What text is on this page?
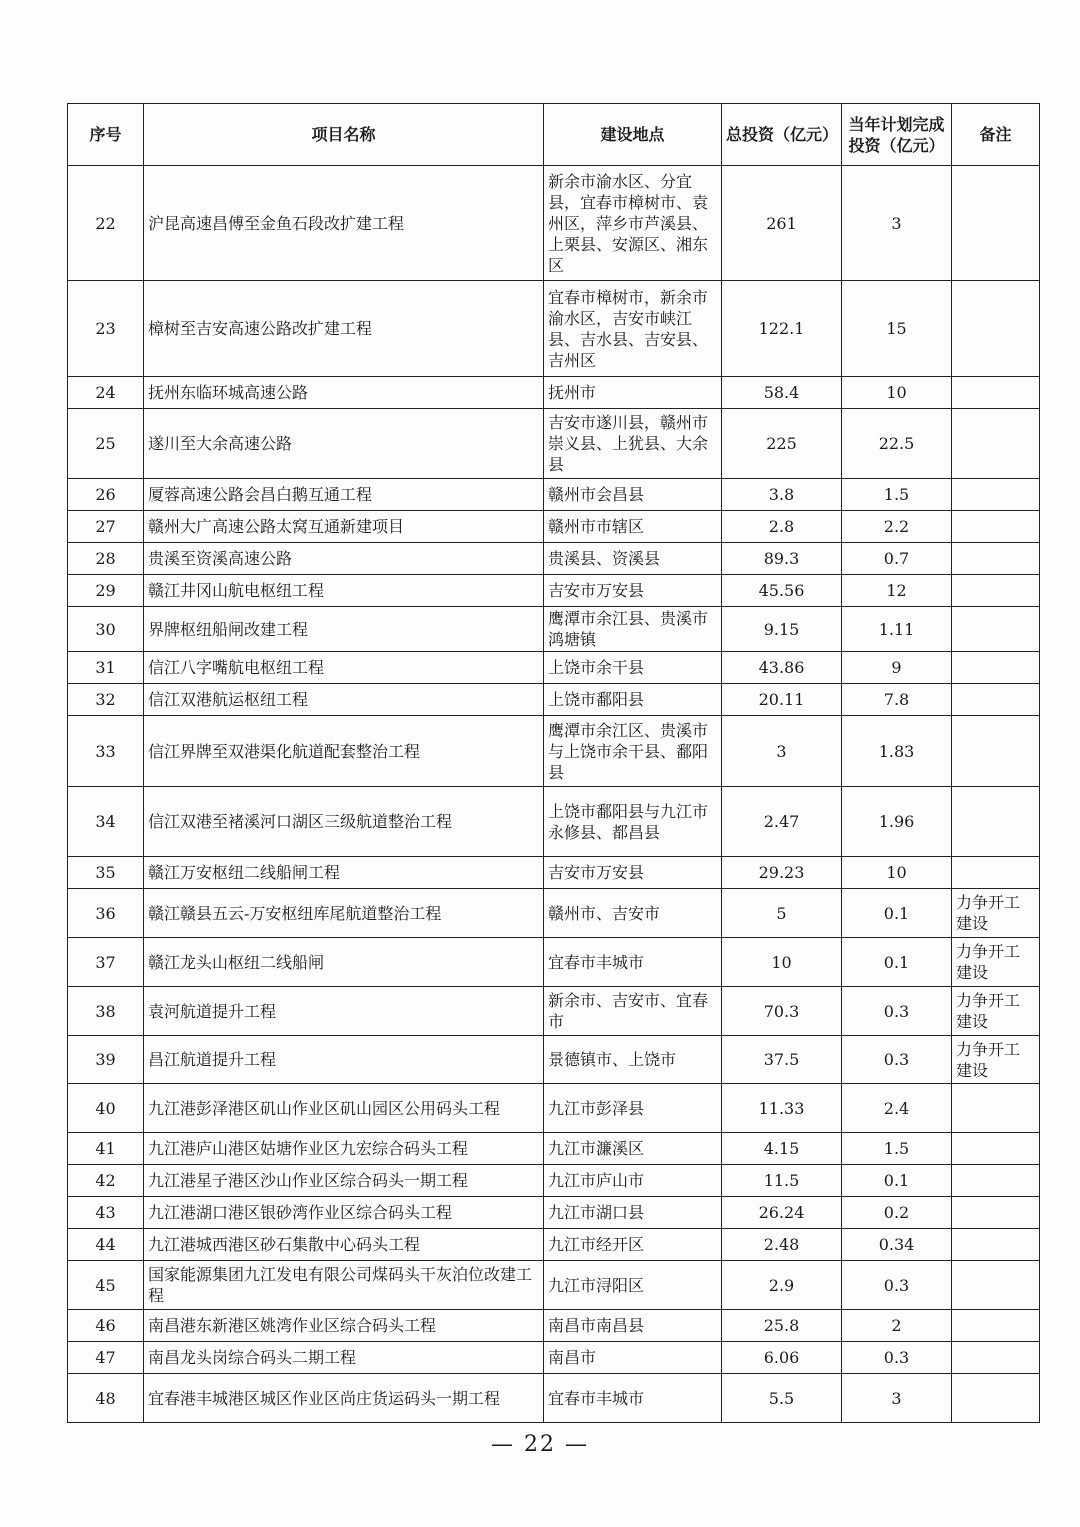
序号	项目名称	建设地点	总投资（亿元）	当年计划完成投资（亿元）	备注
22	沪昆高速昌傅至金鱼石段改扩建工程	新余市渝水区、分宜县，宜春市樟树市、袁州区，萍乡市芦溪县、上栗县、安源区、湘东区	261	3	
23	樟树至吉安高速公路改扩建工程	宜春市樟树市，新余市渝水区，吉安市峡江县、吉水县、吉安县、吉州区	122.1	15	
24	抚州东临环城高速公路	抚州市	58.4	10	
25	遂川至大余高速公路	吉安市遂川县，赣州市崇义县、上犹县、大余县	225	22.5	
26	厦蓉高速公路会昌白鹅互通工程	赣州市会昌县	3.8	1.5	
27	赣州大广高速公路太窝互通新建项目	赣州市市辖区	2.8	2.2	
28	贵溪至资溪高速公路	贵溪县、资溪县	89.3	0.7	
29	赣江井冈山航电枢纽工程	吉安市万安县	45.56	12	
30	界牌枢纽船闸改建工程	鹰潭市余江县、贵溪市鸿塘镇	9.15	1.11	
31	信江八字嘴航电枢纽工程	上饶市余干县	43.86	9	
32	信江双港航运枢纽工程	上饶市鄱阳县	20.11	7.8	
33	信江界牌至双港渠化航道配套整治工程	鹰潭市余江区、贵溪市与上饶市余干县、鄱阳县	3	1.83	
34	信江双港至褚溪河口湖区三级航道整治工程	上饶市鄱阳县与九江市永修县、都昌县	2.47	1.96	
35	赣江万安枢纽二线船闸工程	吉安市万安县	29.23	10	
36	赣江赣县五云-万安枢纽库尾航道整治工程	赣州市、吉安市	5	0.1	力争开工建设
37	赣江龙头山枢纽二线船闸	宜春市丰城市	10	0.1	力争开工建设
38	袁河航道提升工程	新余市、吉安市、宜春市	70.3	0.3	力争开工建设
39	昌江航道提升工程	景德镇市、上饶市	37.5	0.3	力争开工建设
40	九江港彭泽港区矶山作业区矶山园区公用码头工程	九江市彭泽县	11.33	2.4	
41	九江港庐山港区姑塘作业区九宏综合码头工程	九江市濂溪区	4.15	1.5	
42	九江港星子港区沙山作业区综合码头一期工程	九江市庐山市	11.5	0.1	
43	九江港湖口港区银砂湾作业区综合码头工程	九江市湖口县	26.24	0.2	
44	九江港城西港区砂石集散中心码头工程	九江市经开区	2.48	0.34	
45	国家能源集团九江发电有限公司煤码头干灰泊位改建工程	九江市浔阳区	2.9	0.3	
46	南昌港东新港区姚湾作业区综合码头工程	南昌市南昌县	25.8	2	
47	南昌龙头岗综合码头二期工程	南昌市	6.06	0.3	
48	宜春港丰城港区城区作业区尚庄货运码头一期工程	宜春市丰城市	5.5	3	
— 22 —
